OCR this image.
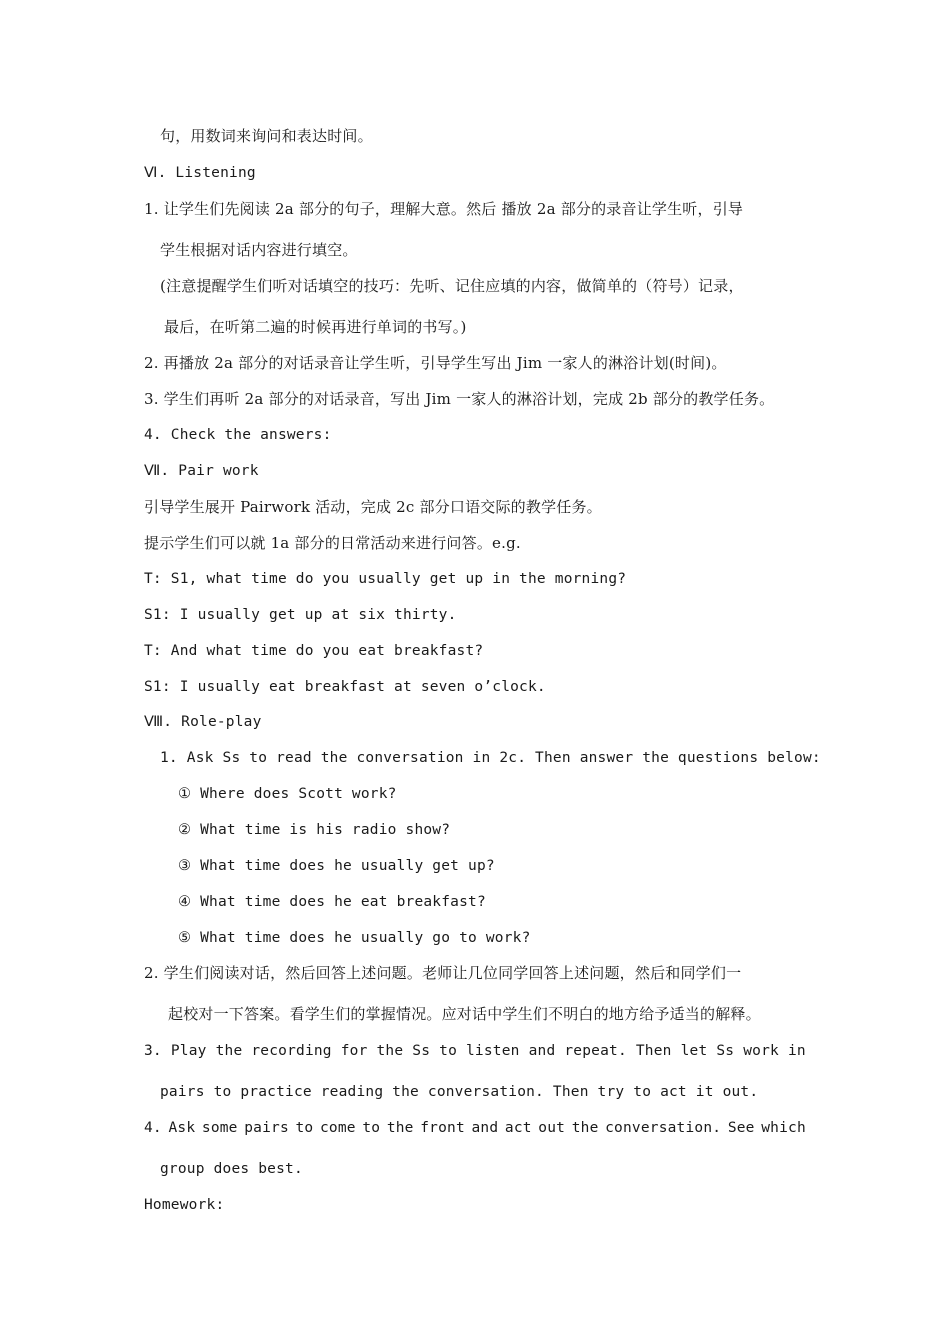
句，用数词来询问和表达时间。
Ⅵ. Listening
1. 让学生们先阅读 2a 部分的句子，理解大意。然后 播放 2a 部分的录音让学生听，引导
学生根据对话内容进行填空。
(注意提醒学生们听对话填空的技巧：先听、记住应填的内容，做简单的（符号）记录，
最后，在听第二遍的时候再进行单词的书写。)
2. 再播放 2a 部分的对话录音让学生听，引导学生写出 Jim 一家人的淋浴计划(时间)。
3. 学生们再听 2a 部分的对话录音，写出 Jim 一家人的淋浴计划，完成 2b 部分的教学任务。
4. Check the answers:
Ⅶ. Pair work
引导学生展开 Pairwork 活动，完成 2c 部分口语交际的教学任务。
提示学生们可以就 1a 部分的日常活动来进行问答。e.g.
T: S1, what time do you usually get up in the morning?
S1: I usually get up at six thirty.
T: And what time do you eat breakfast?
S1: I usually eat breakfast at seven o’clock.
Ⅷ. Role-play
1. Ask Ss to read the conversation in 2c. Then answer the questions below:
① Where does Scott work?
② What time is his radio show?
③ What time does he usually get up?
④ What time does he eat breakfast?
⑤ What time does he usually go to work?
2. 学生们阅读对话，然后回答上述问题。老师让几位同学回答上述问题，然后和同学们一
起校对一下答案。看学生们的掌握情况。应对话中学生们不明白的地方给予适当的解释。
3. Play the recording for the Ss to listen and repeat. Then let Ss work in
pairs to practice reading the conversation. Then try to act it out.
4. Ask some pairs to come to the front and act out the conversation. See which
group does best.
Homework:
